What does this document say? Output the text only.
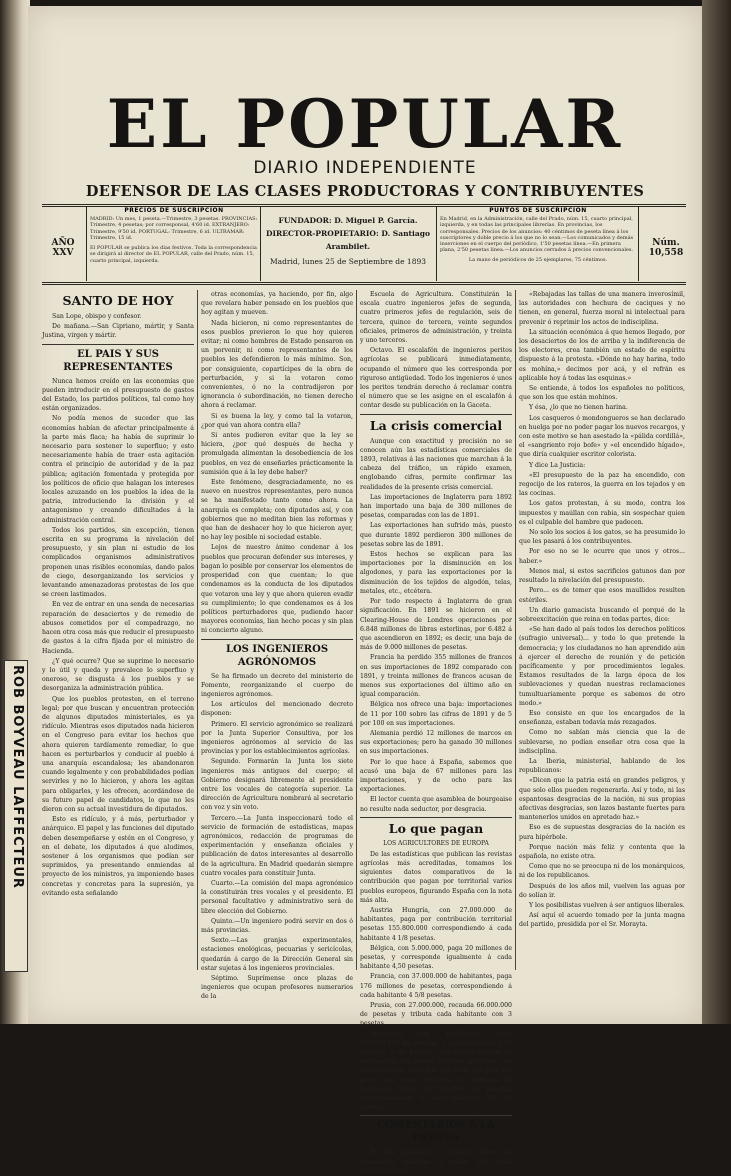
ROB BOYVEAU LAFFECTEUR
EL POPULAR
DIARIO INDEPENDIENTE
DEFENSOR DE LAS CLASES PRODUCTORAS Y CONTRIBUYENTES
AÑO XXV
PRECIOS DE SUSCRIPCION
MADRID: Un mes, 1 peseta.—Trimestre, 3 pesetas. PROVINCIAS: Trimestre, 4 pesetas; por corresponsal, 4'60 id. EXTRANJERO: Trimestre, 9'50 id. PORTUGAL: Trimestre, 6 id. ULTRAMAR: Trimestre, 15 id.
El POPULAR se publica los días festivos. Toda la correspondencia se dirigirá al director de EL POPULAR, calle del Prado, núm. 15, cuarto principal, izquierda.
FUNDADOR: D. Miguel P. García.
DIRECTOR-PROPIETARIO: D. Santiago Arambilet.
Madrid, lunes 25 de Septiembre de 1893
PUNTOS DE SUSCRIPCION
En Madrid, en la Administración, calle del Prado, núm. 15, cuarto principal, izquierda, y en todas las principales librerías. En provincias, los corresponsales. Precios de los anuncios: 40 céntimos de peseta línea á los suscriptores y doble precio á los que no lo sean.—Los comunicados y demás inserciones en el cuerpo del periódico, 1'50 pesetas línea.—En primera plana, 2'50 pesetas línea.—Los anuncios cerrados á precios convencionales.
La mano de periódicos de 25 ejemplares, 75 céntimos.
Núm. 10,558
SANTO DE HOY

San Lope, obispo y confesor.

De mañana.—San Cipriano, mártir, y Santa Justina, virgen y mártir.

EL PAIS Y SUS REPRESENTANTES

Nunca hemos creído en las economías que pueden introducir en el presupuesto de gastos del Estado, los partidos políticos, tal como hoy están organizados.

No podía menos de suceder que las economías habían de afectar principalmente á la parte más flaca; ha había de suprimir lo necesario para sostener lo superfluo; y esto necesariamente había de traer esta agitación contra el principio de autoridad y de la paz pública; agitación fomentada y protegida por los políticos de oficio que halagan los intereses locales azuzando en los pueblos la idea de la patria, introduciendo la división y el antagonismo y creando dificultades á la administración central.

Todos los partidos, sin excepción, tienen escrita en su programa la nivelación del presupuesto, y sin plan ni estudio de los complicados organismos administrativos proponen unas risibles economías, dando palos de ciego, desorganizando los servicios y levantando amenazadoras protestas de los que se creen lastimados.

En vez de entrar en una senda de necesarias reparación de desaciertos y de remedio de abusos cometidos por el compadrazgo, no hacen otra cosa más que reducir el presupuesto de gastos á la cifra fijada por el ministro de Hacienda.

¿Y qué ocurre? Que se suprime lo necesario y lo útil y queda y prevalece lo superfluo y oneroso, se disgusta á los pueblos y se desorganiza la administración pública.

Que los pueblos protesten, en el terreno legal; por que buscan y encuentran protección de algunos diputados ministeriales, es ya ridículo. Mientras esos diputados nada hicieron en el Congreso para evitar los hechos que ahora quieren tardíamente remediar, lo que hacen es perturbarlos y conducir al pueblo á una anarquía escandalosa; les abandonaron cuando legalmente y con probabilidades podían servirles y no lo hicieron, y ahora les agitan para obligarles, y les ofrecen, acordándose de su futuro papel de candidatos, lo que no les dieron con su actual investidura de diputados.

Esto es ridículo, y á más, perturbador y anárquico. El papel y las funciones del diputado deben desempeñarse y estén en el Congreso, y en el debate, los diputados á que aludimos, sostener á los organismos que podían ser suprimidos, ya presentando enmiendas al proyecto de los ministros, ya imponiendo bases concretas y concretas para la supresión, ya evitando esta señalando

otras economías, ya haciendo, por fin, algo que revelara haber pensado en los pueblos que hoy agitan y mueven.

Nada hicieron, ni como representantes de esos pueblos previeron lo que hoy quieren evitar; ni como hombres de Estado pensaron en un porvenir, ni como representantes de los pueblos les defendieron lo más mínimo. Son, por consiguiente, copartícipes de la obra de perturbación, y si la votaron como convenientes, ó no la contradijeron por ignorancia ó subordinación, no tienen derecho ahora á reclamar.

Si es buena la ley, y como tal la votaron, ¿por qué van ahora contra ella?

Si antes pudieron evitar que la ley se hiciera, ¿por qué después de hecha y promulgada alimentan la desobediencia de los pueblos, en vez de enseñarles prácticamente la sumisión que á la ley debe haber?

Este fenómeno, desgraciadamente, no es nuevo en nuestros representantes, pero nunca se ha manifestado tanto como ahora. La anarquía es completa; con diputados así, y con gobiernos que no meditan bien las reformas y que han de deshacer hoy lo que hicieron ayer, no hay ley posible ni sociedad estable.

Lejos de nuestro ánimo condenar á los pueblos que procuran defender sus intereses, y bagan lo posible por conservar los elementos de prosperidad con que cuentan; lo que condenamos es la conducta de los diputados que votaron una ley y que ahora quieren evadir su cumplimiento; lo que condenamos es á los políticos perturbadores que, pudiendo hacer mayores economías, lian hecho pocas y sin plan ni concierto alguno.

LOS INGENIEROS AGRÓNOMOS

Se ha firmado un decreto del ministerio de Fomento, reorganizando el cuerpo de ingenieros agrónomos.

Los artículos del mencionado decreto disponen:

Primero. El servicio agronómico se realizará por la Junta Superior Consultiva, por los ingenieros agrónomos al servicio de las provincias y por los establecimientos agrícolas.

Segundo. Formarán la Junta los siete ingenieros más antiguos del cuerpo; el Gobierno designará libremente al presidente entre los vocales de categoría superior. La dirección de Agricultura nombrará al secretario con voz y sin voto.

Tercero.—La Junta inspeccionará todo el servicio de formación de estadísticas, mapas agronómicos, redacción de programas de experimentación y enseñanza oficiales y publicación de datos interesantes al desarrollo de la agricultura. En Madrid quedarán siempre cuatro vocales para constituir Junta.

Cuarto.—La comisión del mapa agronómico la constituirán tres vocales y el presidente. El personal facultativo y administrativo será de libre elección del Gobierno.

Quinto.—Un ingeniero podrá servir en dos ó más provincias.

Sexto.—Las granjas experimentales, estaciones enológicas, pecuarias y sericícolas, quedarán á cargo de la Dirección General sin estar sujetas á los ingenieros provinciales.

Séptimo. Suprímense once plazas de ingenieros que ocupan profesores numerarios de la

Escuela de Agricultura. Constituirán la escala cuatro ingenieros jefes de segunda, cuatro primeros jefes de regulación, seis de tercera, quince de tercera, veinte segundos oficiales, primeros de administración, y treinta y uno terceros.

Octavo. El escalafón de ingenieros peritos agrícolas se publicará inmediatamente, ocupando el número que les corresponda por riguroso antigüedad. Todo los ingenieros é unos los peritos tendrán derecho á reclamar contra el número que se les asigne en el escalafón á contar desde su publicación en la Gaceta.

La crisis comercial

Aunque con exactitud y precisión no se conocen aún las estadísticas comerciales de 1893, relativas á las naciones que marchan á la cabeza del tráfico, un rápido examen, englobando cifras, permite confirmar las realidades de la presente crisis comercial.

Las importaciones de Inglaterra para 1892 han importado una baja de 300 millones de pesetas, comparadas con las de 1891.

Las exportaciones han sufrido más, puesto que durante 1892 perdieron 300 millones de pesetas sobre las de 1891.

Estos hechos se explican para las importaciones por la disminución en los algodones, y para las exportaciones por la disminución de los tejidos de algodón, telas, metales, etc., etcétera.

Por todo respecto á Inglaterra de gran significación. En 1891 se hicieron en el Clearing-House de Londres operaciones por 6.848 millones de libras esterlinas, por 6.482 á que ascendieron en 1892; es decir, una baja de más de 9.000 millones de pesetas.

Francia ha perdido 355 millones de francos en sus importaciones de 1892 comparado con 1891, y treinta millones de francos acusan de menos sus exportaciones del último año en igual comparación.

Bélgica nos ofrece una baja: importaciones de 11 por 100 sobre las cifras de 1891 y de 5 por 100 en sus importaciones.

Alemania perdió 12 millones de marcos en sus exportaciones; pero ha ganado 30 millones en sus importaciones.

Por lo que hace á España, sabemos que acusó una baja de 67 millones para las importaciones, y de ocho para las exportaciones.

El lector cuenta que asamblea de bourgeaise no resulte nada seductor, por desgracia.

Lo que pagan
LOS AGRICULTORES DE EUROPA

De las estadísticas que publican las revistas agrícolas más acreditadas, tomamos los siguientes datos comparativos de la contribución que pagan por territorial varios pueblos europeos, figurando España con la nota más alta.

Austria Hungría, con 27.000.000 de habitantes, paga por contribución territorial pesetas 155.800.000 correspondiendo á cada habitante 4 1/8 pesetas.

Bélgica, con 5.000.000, paga 20 millones de pesetas, y corresponde igualmente á cada habitante 4,50 pesetas.

Francia, con 37.000.000 de habitantes, paga 176 millones de pesetas, correspondiendo á cada habitante 4 5/8 pesetas.

Prusia, con 27.000.000, recauda 66.000.000 de pesetas y tributa cada habitante con 3 pesetas.

Inglaterra, con 35.000.000, paga 182.000.000 de pesetas, y cada habitante 3.20 pesetas, y en España, con menos medios de producción, con menos recursos agrícolas, con menos dinero, paga más del doble del país que paga más; pues teniendo 16 millones de habitantes paga 167.000.000 de pesetas, correspondiendo á cada habitante 11 5/8 pesetas.

COMENTARIOS Á LA PRENSA

El Dia pasando el rasero sobre las eminencias políticas y sobre los vicios administrativos:

«Rebajadas las tallas de una manera inverosímil, las autoridades con hechura de caciques y no tienen, en general, fuerza moral ni intelectual para prevenir ó reprimir los actos de indisciplina.

La situación económica á que hemos llegado, por los desaciertos de los de arriba y la indiferencia de los electores, crea también un estado de espíritu dispuesto á la protesta. «Dónde no hay harina, todo es mohína,» decimos por acá, y el refrán es aplicable hoy á todas las esquinas.»

Se entiende, á todos los españoles no políticos, que son los que están mohinos.

Y ésa, ¿lo que no tienen harina.

Los casqueros ó mondongueros se han declarado en huelga por no poder pagar los nuevos recargos, y con este motivo se han asestado la «pálida cordillá», el «sangriento rojo bofe» y «el encendido hígado», que diría cualquier escritor colorista.

Y dice La Justicia:

«El presupuesto de la paz ha encendido, con regocijo de los rateros, la guerra en los tejados y en las cocinas.

Los gatos protestan, á su modo, contra los impuestos y maúllan con rabia, sin sospechar quien es el culpable del hambre que padecen.

No solo los socios á los gatos, se ha presumido lo que les pasará á los contribuyentes.

Por eso no se le ocurre que unos y otros... haber.»

Menos mal, si estos sacrificios gatunos dan por resultado la nivelación del presupuesto.

Pero... es de temer que esos maullidos resulten estériles.

Un diario gamacista buscando el porqué de la sobreexcitación que reina en todas partes, dice:

«Se han dado al país todos los derechos políticos (sufragio universal)... y todo lo que pretende la democracia; y los ciudadanos no han aprendido aún á ejercer el derecho de reunión y de petición pacíficamente y por procedimientos legales. Estamos resultados de la larga época de los sublevaciones y quedan nuestras reclamaciones tumultuariamente porque es sabemos de otro modo.»

Eso consiste en que los encargados de la enseñanza, estaban todavía más rezagados.

Como no sabían más ciencia que la de sublevarse, no podían enseñar otra cosa que la indisciplina.

La Iberia, ministerial, hablando de los republicanos:

«Dicen que la patria está en grandes peligros, y que solo ellos pueden regenerarla. Así y todo, ni las espantosas desgracias de la nación, ni sus propias afectivas desgracias, son lazos bastante fuertes para mantenerlos unidos en apretado haz.»

Eso es de supuestas desgracias de la nación es pura hipérbole.

Porque nación más feliz y contenta que la española, no existe otra.

Como que no se preocupa ni de los monárquicos, ni de los republicanos.

Después de los años mil, vuelven las aguas por do solían ir.

Y los posibilistas vuelven á ser antiguos liberales.

Así aquí el acuerdo tomado por la junta magna del partido, presidida por el Sr. Morayta.
